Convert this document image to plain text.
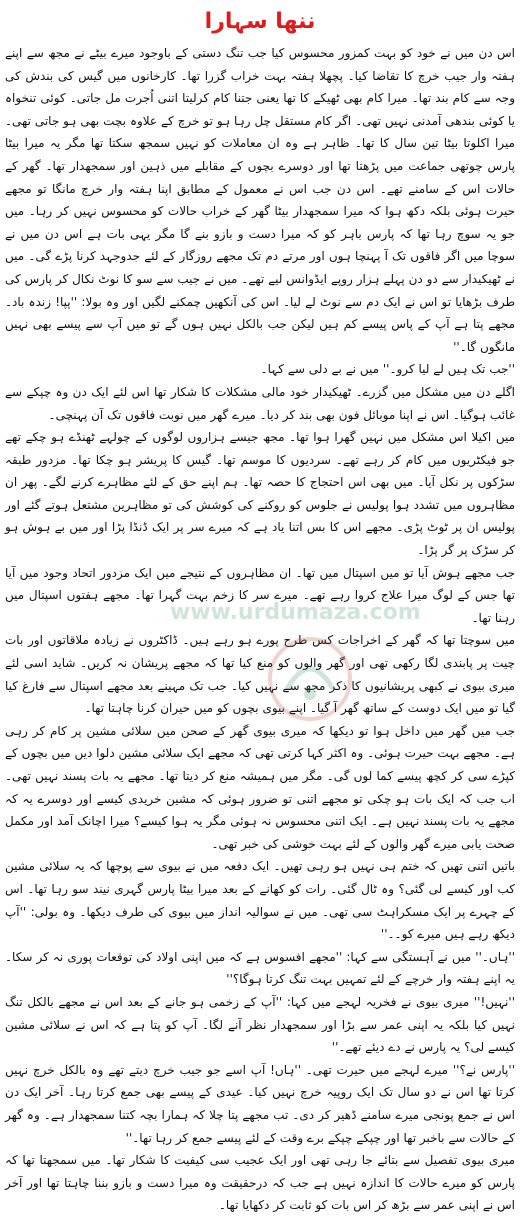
ننھا سہارا

اس دن میں نے خود کو بہت کمزور محسوس کیا جب تنگ دستی کے باوجود میرے بیٹے نے مجھ سے اپنے ہفتہ وار جیب خرچ کا تقاضا کیا۔ پچھلا ہفتہ بہت خراب گزرا تھا۔ کارخانوں میں گیس کی بندش کی وجہ سے کام بند تھا۔ میرا کام بھی ٹھیکے کا تھا یعنی جتنا کام کرلیتا اتنی اُجرت مل جاتی۔ کوئی تنخواہ یا کوئی بندھی آمدنی نہیں تھی۔ اگر کام مستقل چل رہا ہو تو خرچ کے علاوہ بچت بھی ہو جاتی تھی۔ میرا اکلوتا بیٹا تین سال کا تھا۔ ظاہر ہے وہ ان معاملات کو نہیں سمجھ سکتا تھا مگر یہ میرا بیٹا پارس چوتھی جماعت میں پڑھتا تھا اور دوسرے بچوں کے مقابلے میں ذہین اور سمجھدار تھا۔ گھر کے حالات اس کے سامنے تھے۔ اس دن جب اس نے معمول کے مطابق اپنا ہفتہ وار خرچ مانگا تو مجھے حیرت ہوئی بلکہ دکھ ہوا کہ میرا سمجھدار بیٹا گھر کے خراب حالات کو محسوس نہیں کر رہا۔ میں جو یہ سوچ رہا تھا کہ پارس باہر کو کہ میرا دست و بازو بنے گا مگر یہی بات ہے اس دن میں نے سوچا میں اگر فاقوں تک آ پہنچا ہوں اور مرتے دم تک مجھے روزگار کے لئے جدوجہد کرنا پڑے گی۔ میں نے ٹھیکیدار سے دو دن پہلے ہزار روپے ایڈوانس لیے تھے۔ میں نے جیب سے سو کا نوٹ نکال کر پارس کی طرف بڑھایا تو اس نے ایک دم سے نوٹ لے لیا۔ اس کی آنکھیں چمکنے لگیں اور وہ بولا: ''پپا! زندہ باد۔ مجھے پتا ہے آپ کے پاس پیسے کم ہیں لیکن جب بالکل نہیں ہوں گے تو میں آپ سے پیسے بھی نہیں مانگوں گا۔''

''جب تک ہیں لے لیا کرو۔'' میں نے بے دلی سے کہا۔

اگلے دن میں مشکل میں گزرے۔ ٹھیکیدار خود مالی مشکلات کا شکار تھا اس لئے ایک دن وہ چپکے سے غائب ہوگیا۔ اس نے اپنا موبائل فون بھی بند کر دیا۔ میرے گھر میں نوبت فاقوں تک آن پہنچی۔

میں اکیلا اس مشکل میں نہیں گھرا ہوا تھا۔ مجھ جیسے ہزاروں لوگوں کے چولہے ٹھنڈے ہو چکے تھے جو فیکٹریوں میں کام کر رہے تھے۔ سردیوں کا موسم تھا۔ گیس کا پریشر ہو چکا تھا۔ مزدور طبقہ سڑکوں پر نکل آیا۔ میں بھی اس احتجاج کا حصہ تھا۔ ہم اپنے حق کے لئے مظاہرے کرنے لگے۔ پھر ان مظاہروں میں تشدد ہوا پولیس نے جلوس کو روکنے کی کوشش کی تو مظاہرین مشتعل ہوتے گئے اور پولیس ان پر ٹوٹ پڑی۔ مجھے اس کا بس اتنا یاد ہے کہ میرے سر پر ایک ڈنڈا پڑا اور میں بے ہوش ہو کر سڑک پر گر پڑا۔

جب مجھے ہوش آیا تو میں اسپتال میں تھا۔ ان مظاہروں کے نتیجے میں ایک مزدور اتحاد وجود میں آیا تھا جس کے لوگ میرا علاج کروا رہے تھے۔ میرے سر کا زخم بہت گہرا تھا۔ مجھے ہفتوں اسپتال میں رہنا تھا۔

میں سوچتا تھا کہ گھر کے اخراجات کس طرح پورے ہو رہے ہیں۔ ڈاکٹروں نے زیادہ ملاقاتوں اور بات چیت پر پابندی لگا رکھی تھی اور گھر والوں کو منع کیا تھا کہ مجھے پریشان نہ کریں۔ شاید اسی لئے میری بیوی نے کبھی پریشانیوں کا ذکر مجھ سے نہیں کیا۔ جب تک مہینے بعد مجھے اسپتال سے فارغ کیا گیا تو میں ایک دوست کے ساتھ گھر آ گیا۔ اپنے بیوی بچوں کو میں حیران کرنا چاہتا تھا۔

جب میں گھر میں داخل ہوا تو دیکھا کہ میری بیوی گھر کے صحن میں سلائی مشین پر کام کر رہی ہے۔ مجھے بہت حیرت ہوئی۔ وہ اکثر کہا کرتی تھی کہ مجھے ایک سلائی مشین دلوا دیں میں بچوں کے کپڑے سی کر کچھ پیسے کما لوں گی۔ مگر میں ہمیشہ منع کر دیتا تھا۔ مجھے یہ بات پسند نہیں تھی۔ اب جب کہ ایک بات ہو چکی تو مجھے اتنی تو ضرور ہوئی کہ مشین خریدی کیسے اور دوسرے یہ کہ مجھے یہ بات پسند نہیں ہے۔ ایک اتنی محسوس نہ ہوئی مگر یہ ہوا کیسے؟ میرا اچانک آمد اور مکمل صحت یابی میرے گھر والوں کے لئے بہت خوشی کی خبر تھی۔

باتیں اتنی تھیں کہ ختم ہی نہیں ہو رہی تھیں۔ ایک دفعہ میں نے بیوی سے پوچھا کہ یہ سلائی مشین کب اور کیسے لی گئی؟ وہ ٹال گئی۔ رات کو کھانے کے بعد میرا بیٹا پارس گہری نیند سو رہا تھا۔ اس کے چہرے پر ایک مسکراہٹ سی تھی۔ میں نے سوالیہ انداز میں بیوی کی طرف دیکھا۔ وہ بولی: ''آپ دیکھ رہے ہیں میرے کو۔۔''

''ہاں۔'' میں نے آہستگی سے کہا: ''مجھے افسوس ہے کہ میں اپنی اولاد کی توقعات پوری نہ کر سکا۔ یہ اپنے ہفتہ وار خرچے کے لئے تمہیں بہت تنگ کرتا ہوگا؟''

''نہیں!'' میری بیوی نے فخریہ لہجے میں کہا: ''آپ کے زخمی ہو جانے کے بعد اس نے مجھے بالکل تنگ نہیں کیا بلکہ یہ اپنی عمر سے بڑا اور سمجھدار نظر آنے لگا۔ آپ کو پتا ہے کہ اس نے سلائی مشین کیسے لی؟ یہ پارس نے دے دیئے تھے۔''

''پارس نے؟'' میرے لہجے میں حیرت تھی۔ ''ہاں! آپ اسے جو جیب خرچ دیتے تھے وہ بالکل خرچ نہیں کرتا تھا اس نے دو سال تک ایک روپیہ خرچ نہیں کیا۔ عیدی کے پیسے بھی جمع کرتا رہا۔ آخر ایک دن اس نے جمع پونجی میرے سامنے ڈھیر کر دی۔ تب مجھے پتا چلا کہ ہمارا بچہ کتنا سمجھدار ہے۔ وہ گھر کے حالات سے باخبر تھا اور چپکے چپکے برے وقت کے لئے پیسے جمع کر رہا تھا۔''

میری بیوی تفصیل سے بتائے جا رہی تھی اور ایک عجیب سی کیفیت کا شکار تھا۔ میں سمجھتا تھا کہ پارس کو میرے حالات کا اندازہ نہیں ہے جب کہ درحقیقت وہ میرا دست و بازو بننا چاہتا تھا اور آخر اس نے اپنی عمر سے بڑھ کر اس بات کو ثابت کر دکھایا تھا۔

www.urdumaza.com
